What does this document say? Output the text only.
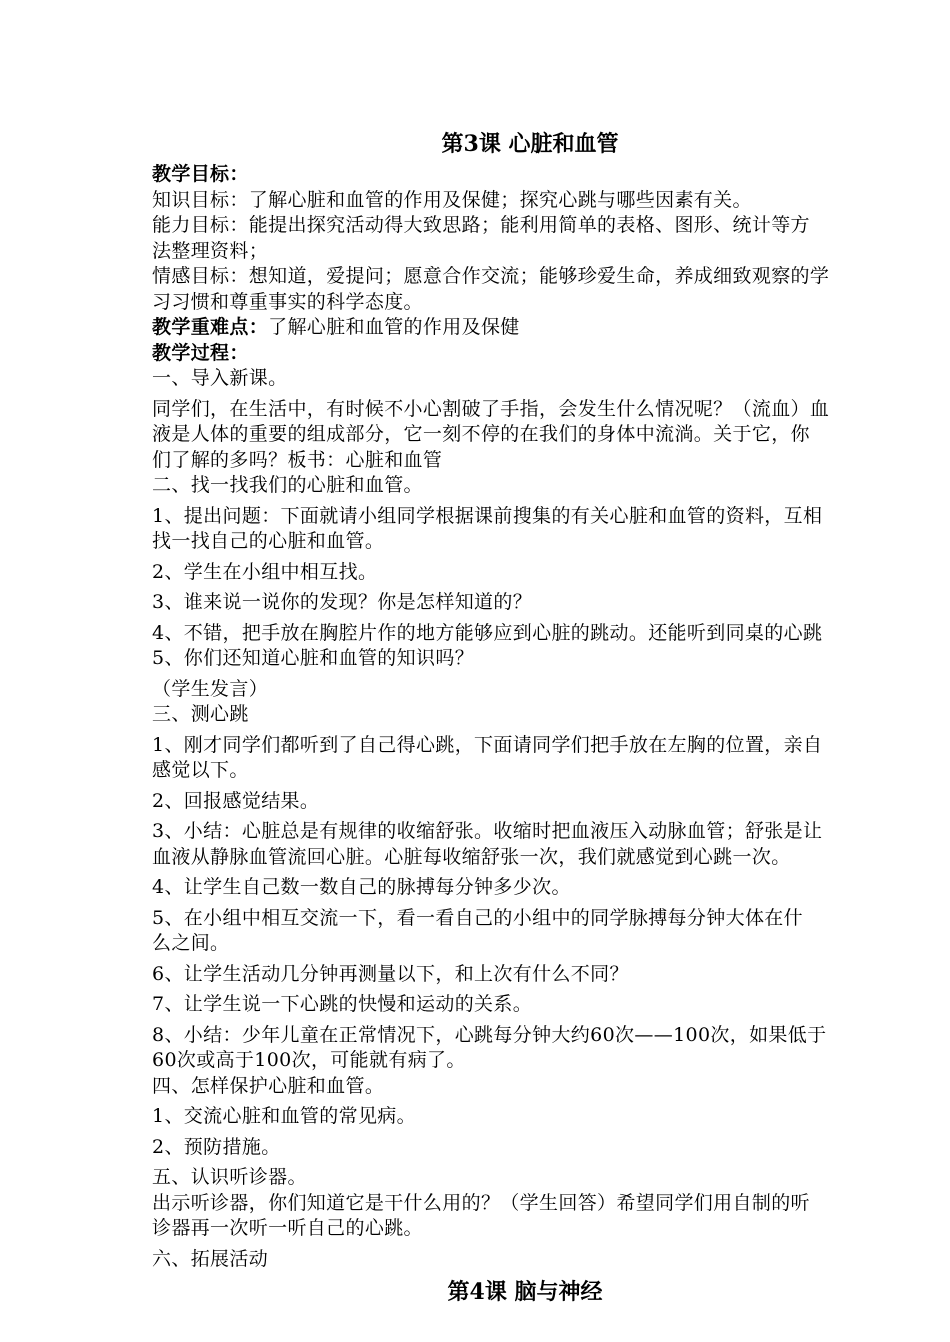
第3课 心脏和血管
教学目标：
知识目标：了解心脏和血管的作用及保健；探究心跳与哪些因素有关。
能力目标：能提出探究活动得大致思路；能利用简单的表格、图形、统计等方
法整理资料；
情感目标：想知道，爱提问；愿意合作交流；能够珍爱生命，养成细致观察的学
习习惯和尊重事实的科学态度。
教学重难点：了解心脏和血管的作用及保健
教学过程：
一、导入新课。
同学们，在生活中，有时候不小心割破了手指，会发生什么情况呢？（流血）血
液是人体的重要的组成部分，它一刻不停的在我们的身体中流淌。关于它，你
们了解的多吗？板书：心脏和血管
二、找一找我们的心脏和血管。
1、提出问题：下面就请小组同学根据课前搜集的有关心脏和血管的资料，互相
找一找自己的心脏和血管。
2、学生在小组中相互找。
3、谁来说一说你的发现？你是怎样知道的？
4、不错，把手放在胸腔片作的地方能够应到心脏的跳动。还能听到同桌的心跳
5、你们还知道心脏和血管的知识吗？
（学生发言）
三、测心跳
1、刚才同学们都听到了自己得心跳，下面请同学们把手放在左胸的位置，亲自
感觉以下。
2、回报感觉结果。
3、小结：心脏总是有规律的收缩舒张。收缩时把血液压入动脉血管；舒张是让
血液从静脉血管流回心脏。心脏每收缩舒张一次，我们就感觉到心跳一次。
4、让学生自己数一数自己的脉搏每分钟多少次。
5、在小组中相互交流一下，看一看自己的小组中的同学脉搏每分钟大体在什
么之间。
6、让学生活动几分钟再测量以下，和上次有什么不同？
7、让学生说一下心跳的快慢和运动的关系。
8、小结：少年儿童在正常情况下，心跳每分钟大约60次——100次，如果低于
60次或高于100次，可能就有病了。
四、怎样保护心脏和血管。
1、交流心脏和血管的常见病。
2、预防措施。
五、认识听诊器。
出示听诊器，你们知道它是干什么用的？（学生回答）希望同学们用自制的听
诊器再一次听一听自己的心跳。
六、拓展活动
第4课 脑与神经
